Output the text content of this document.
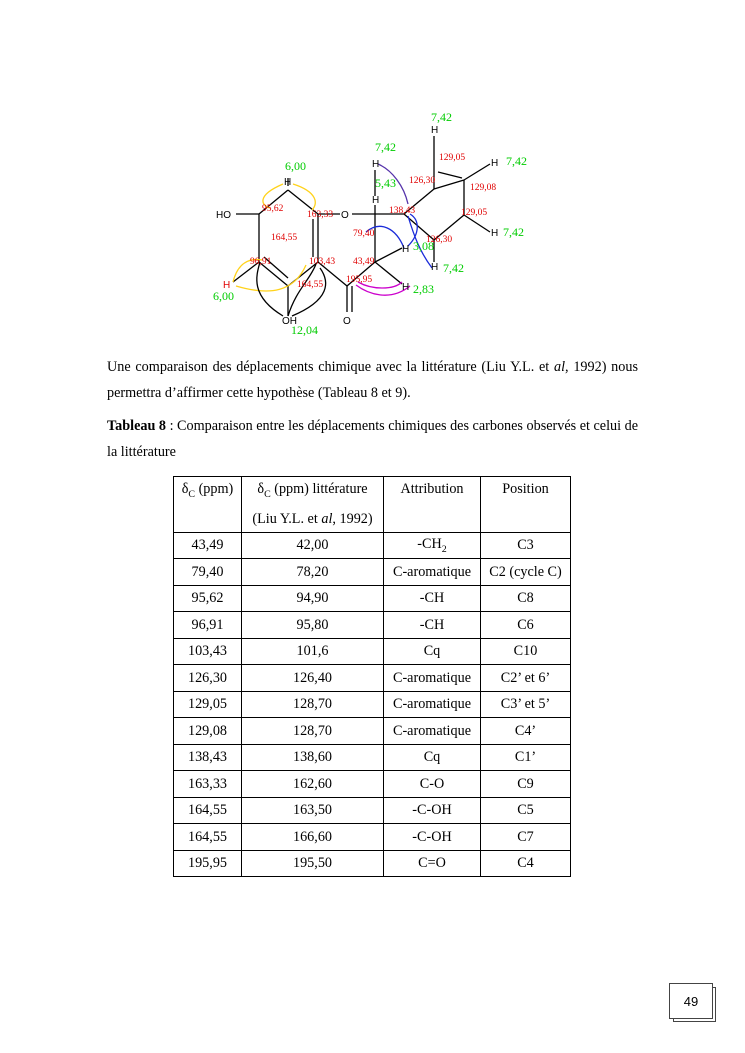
HO	O
O
OH
H
H
H
H
H
H
H
H
H
H
95,62
163,33
164,55
96,91	103,43
164,55
79,40
43,49
195,95
138,43
126,30
129,05
129,08
129,05
126,30
7,42
7,42
7,42
7,42
7,42
6,00
6,00
5,43
3,08
2,83
12,04

Une comparaison des déplacements chimique avec la littérature (Liu Y.L. et al, 1992) nous permettra d’affirmer cette hypothèse (Tableau 8 et 9).

Tableau 8 : Comparaison entre les déplacements chimiques des carbones observés et celui de la littérature

$\delta_C$ (ppm)	$\delta_C$ (ppm) littérature
(Liu Y.L. et al, 1992)	Attribution	Position
43,49	42,00	$-CH_2$	C3
79,40	78,20	C-aromatique	C2 (cycle C)
95,62	94,90	-CH	C8
96,91	95,80	-CH	C6
103,43	101,6	Cq	C10
126,30	126,40	C-aromatique	C2’ et 6’
129,05	128,70	C-aromatique	C3’ et 5’
129,08	128,70	C-aromatique	C4’
138,43	138,60	Cq	C1’
163,33	162,60	C-O	C9
164,55	163,50	-C-OH	C5
164,55	166,60	-C-OH	C7
195,95	195,50	C=O	C4
49
